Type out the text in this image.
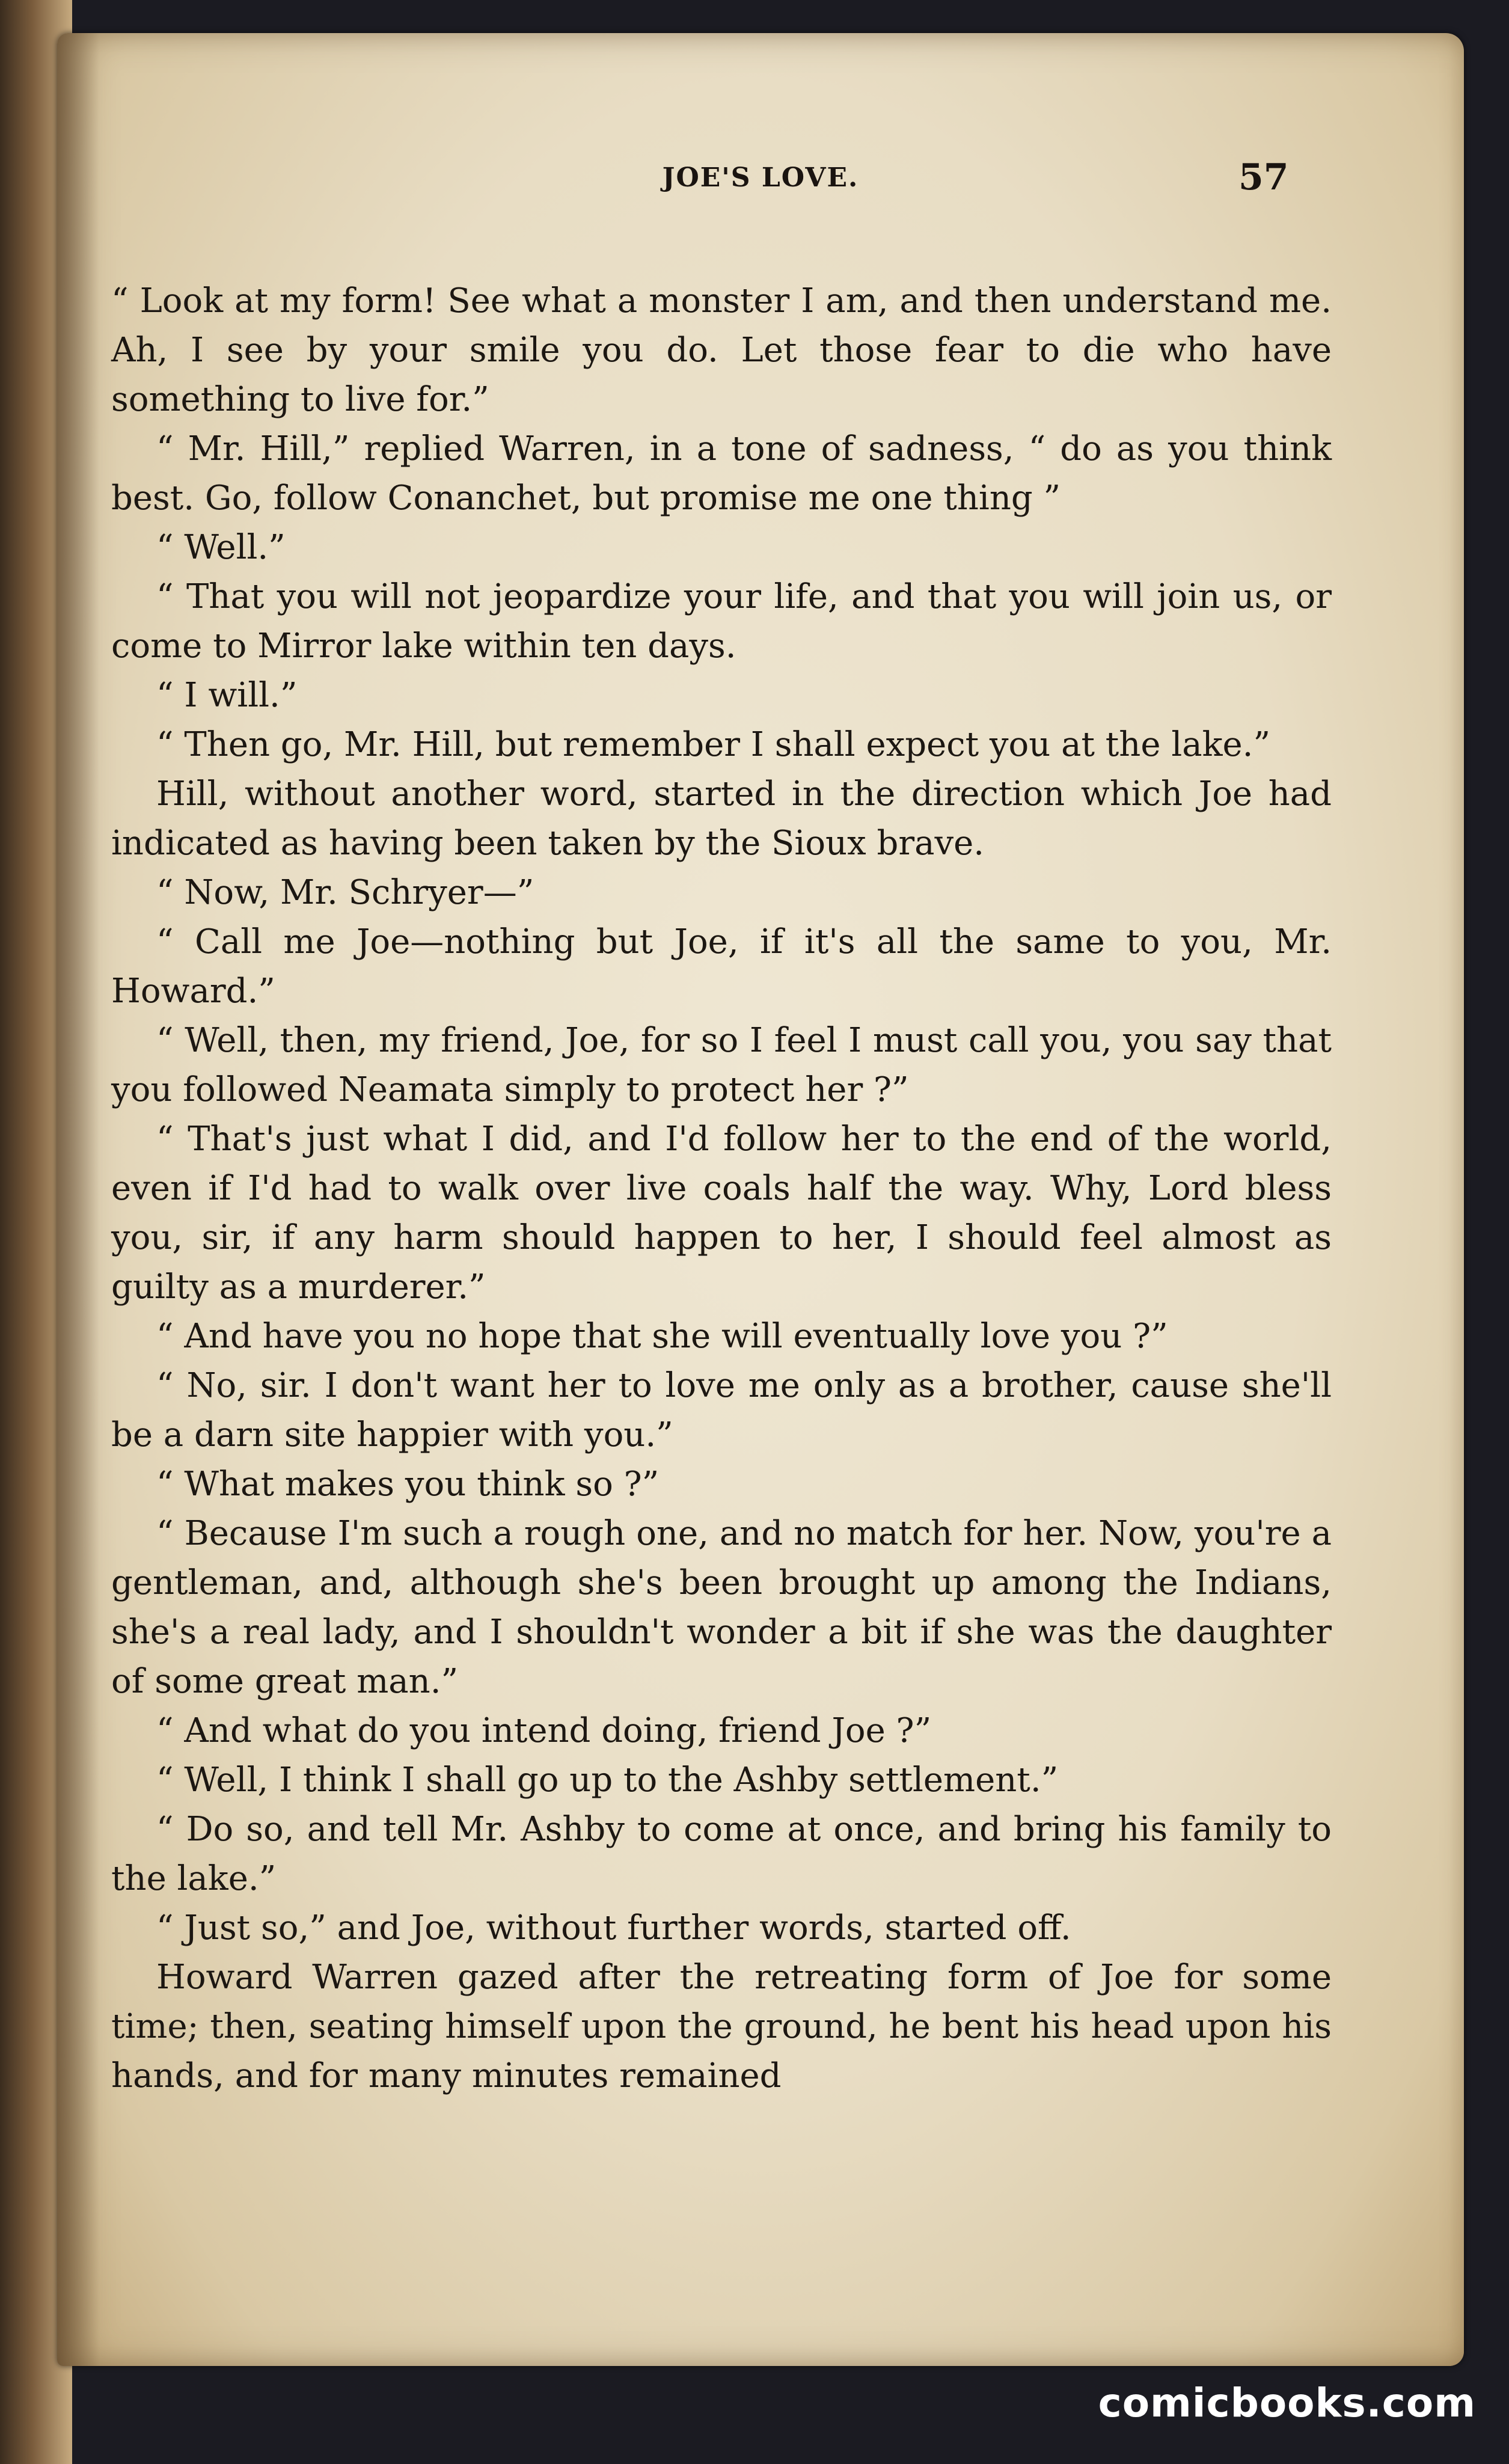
JOE'S LOVE.	57

“ Look at my form! See what a monster I am, and then understand me. Ah, I see by your smile you do. Let those fear to die who have something to live for.”

“ Mr. Hill,” replied Warren, in a tone of sadness, “ do as you think best. Go, follow Conanchet, but promise me one thing ”

“ Well.”

“ That you will not jeopardize your life, and that you will join us, or come to Mirror lake within ten days.

“ I will.”

“ Then go, Mr. Hill, but remember I shall expect you at the lake.”

Hill, without another word, started in the direction which Joe had indicated as having been taken by the Sioux brave.

“ Now, Mr. Schryer—”

“ Call me Joe—nothing but Joe, if it's all the same to you, Mr. Howard.”

“ Well, then, my friend, Joe, for so I feel I must call you, you say that you followed Neamata simply to protect her ?”

“ That's just what I did, and I'd follow her to the end of the world, even if I'd had to walk over live coals half the way. Why, Lord bless you, sir, if any harm should happen to her, I should feel almost as guilty as a murderer.”

“ And have you no hope that she will eventually love you ?”

“ No, sir. I don't want her to love me only as a brother, cause she'll be a darn site happier with you.”

“ What makes you think so ?”

“ Because I'm such a rough one, and no match for her. Now, you're a gentleman, and, although she's been brought up among the Indians, she's a real lady, and I shouldn't wonder a bit if she was the daughter of some great man.”

“ And what do you intend doing, friend Joe ?”

“ Well, I think I shall go up to the Ashby settlement.”

“ Do so, and tell Mr. Ashby to come at once, and bring his family to the lake.”

“ Just so,” and Joe, without further words, started off.

Howard Warren gazed after the retreating form of Joe for some time; then, seating himself upon the ground, he bent his head upon his hands, and for many minutes remained

comicbooks.com
